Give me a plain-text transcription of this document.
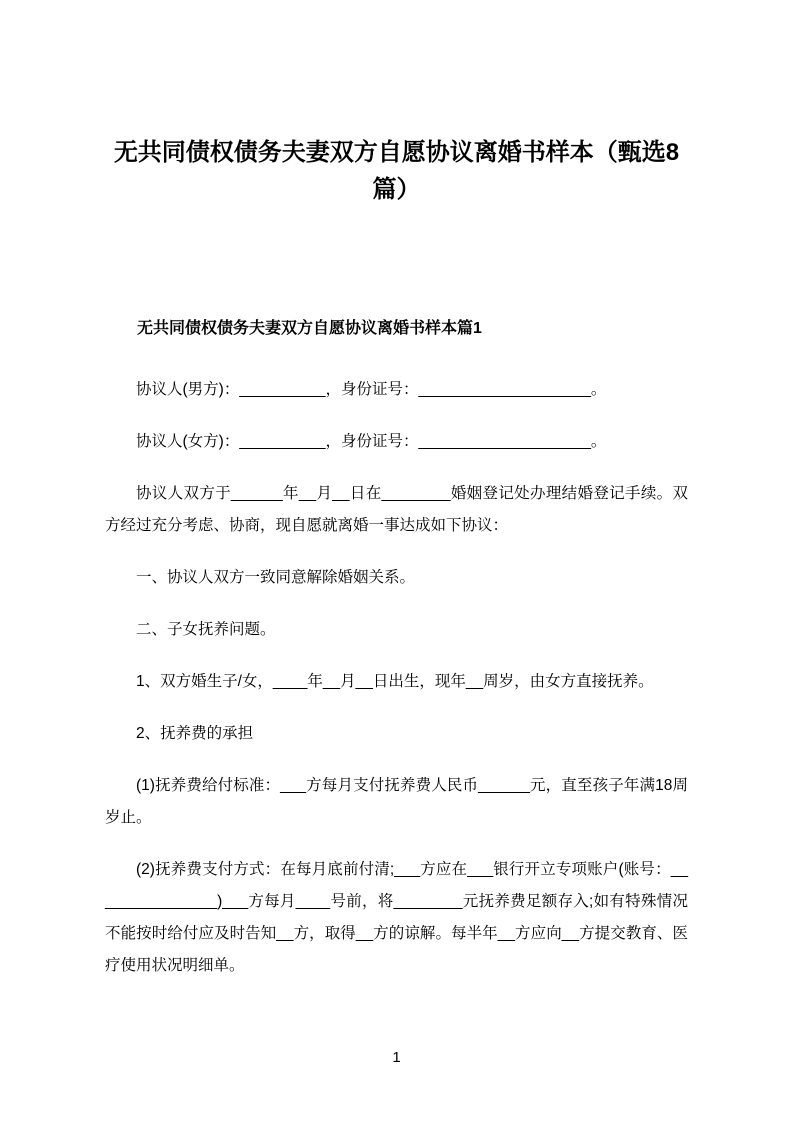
无共同债权债务夫妻双方自愿协议离婚书样本（甄选8篇）
无共同债权债务夫妻双方自愿协议离婚书样本篇1

协议人(男方)：__________，身份证号：____________________。

协议人(女方)：__________，身份证号：____________________。

协议人双方于______年__月__日在________婚姻登记处办理结婚登记手续。双方经过充分考虑、协商，现自愿就离婚一事达成如下协议：

一、协议人双方一致同意解除婚姻关系。

二、子女抚养问题。

1、双方婚生子/女，____年__月__日出生，现年__周岁，由女方直接抚养。

2、抚养费的承担

(1)抚养费给付标准：___方每月支付抚养费人民币______元，直至孩子年满18周岁止。

(2)抚养费支付方式：在每月底前付清;___方应在___银行开立专项账户(账号：_______________)___方每月____号前，将________元抚养费足额存入;如有特殊情况不能按时给付应及时告知__方，取得__方的谅解。每半年__方应向__方提交教育、医疗使用状况明细单。

1
